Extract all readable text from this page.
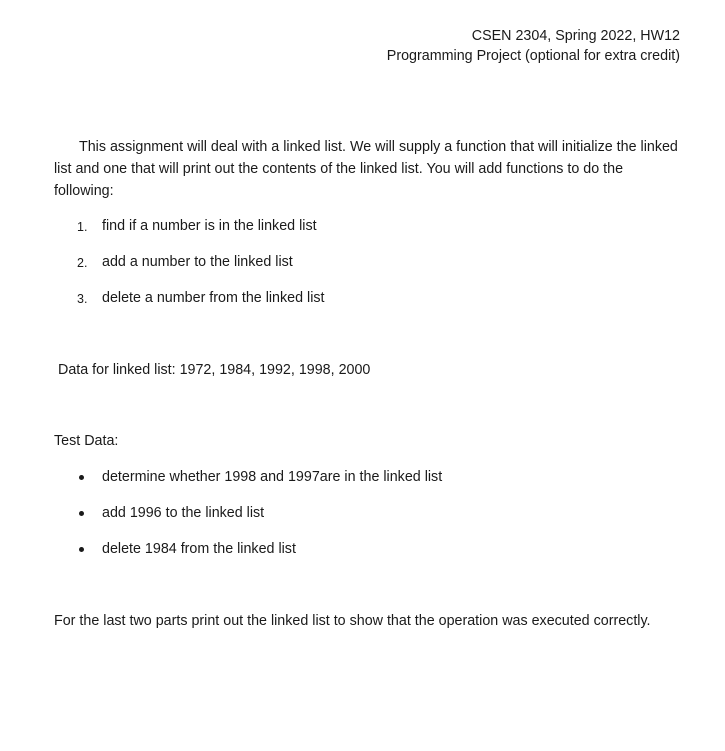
CSEN 2304, Spring 2022, HW12
Programming Project (optional for extra credit)

This assignment will deal with a linked list. We will supply a function that will initialize the linked list and one that will print out the contents of the linked list. You will add functions to do the following:

1. find if a number is in the linked list
2. add a number to the linked list
3. delete a number from the linked list
Data for linked list: 1972, 1984, 1992, 1998, 2000
Test Data:
determine whether 1998 and 1997are in the linked list
add 1996 to the linked list
delete 1984 from the linked list

For the last two parts print out the linked list to show that the operation was executed correctly.
